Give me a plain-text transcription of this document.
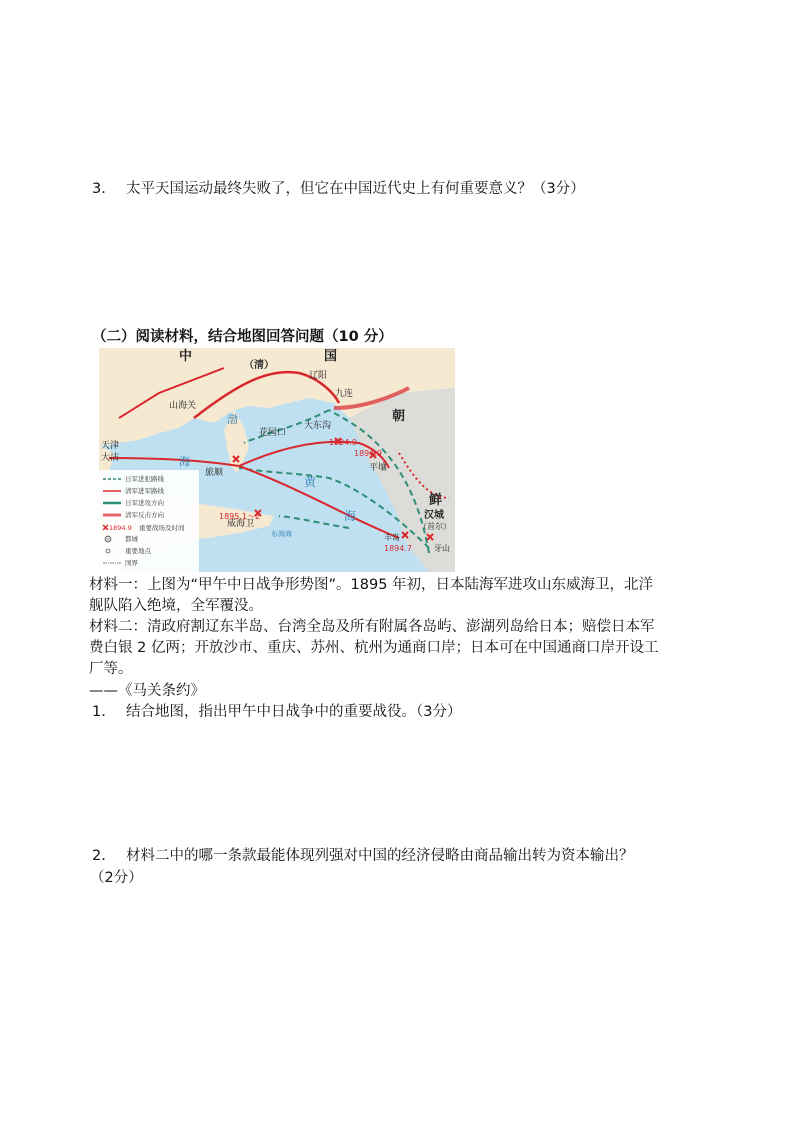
3. 太平天国运动最终失败了，但它在中国近代史上有何重要意义？（3分）
（二）阅读材料，结合地图回答问题（10 分）
中	国
（清）
辽阳
山海关
天津
大沽
渤
海
黄
海
花园口
旅顺
威海卫
大东沟
九连
平壤
朝
鲜
汉城
（首尔）
丰岛
牙山
1894.9
1894.9
1894.7
1895.1～2
东海海
日军进犯路线
清军进军路线
日军进攻方向
清军反击方向
1894.9 重要战场及时间
都城
重要地点
国界
材料一：上图为“甲午中日战争形势图”。1895 年初，日本陆海军进攻山东威海卫，北洋
舰队陷入绝境，全军覆没。
材料二：清政府割辽东半岛、台湾全岛及所有附属各岛屿、澎湖列岛给日本；赔偿日本军
费白银 2 亿两；开放沙市、重庆、苏州、杭州为通商口岸；日本可在中国通商口岸开设工
厂等。
——《马关条约》
1. 结合地图，指出甲午中日战争中的重要战役。（3分）
2. 材料二中的哪一条款最能体现列强对中国的经济侵略由商品输出转为资本输出？
（2分）
